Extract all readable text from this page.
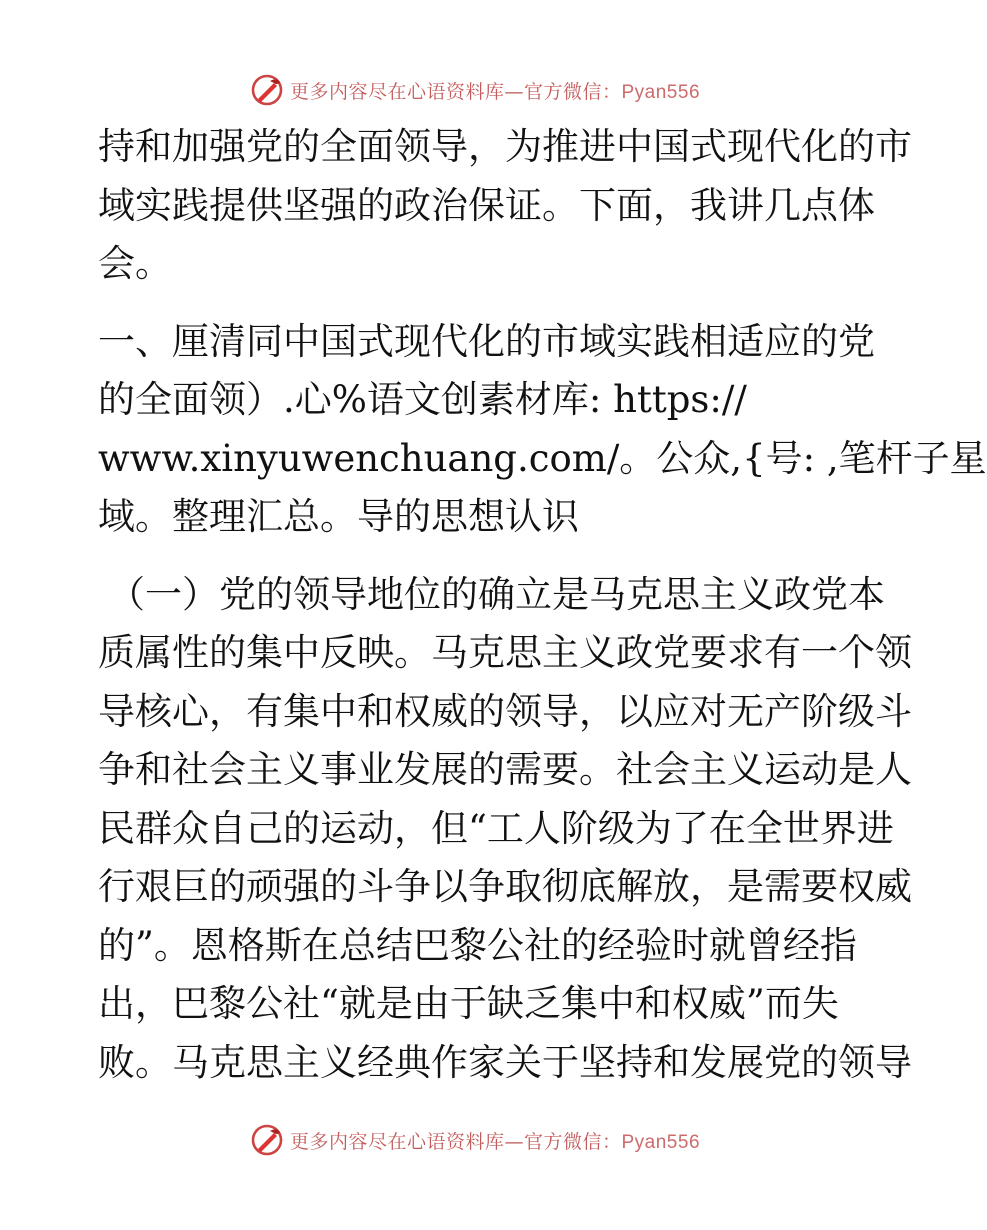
更多内容尽在心语资料库—官方微信：Pyan556

持和加强党的全面领导，为推进中国式现代化的市
域实践提供坚强的政治保证。下面，我讲几点体
会。

一、厘清同中国式现代化的市域实践相适应的党
的全面领）.心%语文创素材库: https://
www.xinyuwenchuang.com/。公众,{号: ,笔杆子星
域。整理汇总。导的思想认识

（一）党的领导地位的确立是马克思主义政党本
质属性的集中反映。马克思主义政党要求有一个领
导核心，有集中和权威的领导，以应对无产阶级斗
争和社会主义事业发展的需要。社会主义运动是人
民群众自己的运动，但“工人阶级为了在全世界进
行艰巨的顽强的斗争以争取彻底解放，是需要权威
的”。恩格斯在总结巴黎公社的经验时就曾经指
出，巴黎公社“就是由于缺乏集中和权威”而失
败。马克思主义经典作家关于坚持和发展党的领导

更多内容尽在心语资料库—官方微信：Pyan556
